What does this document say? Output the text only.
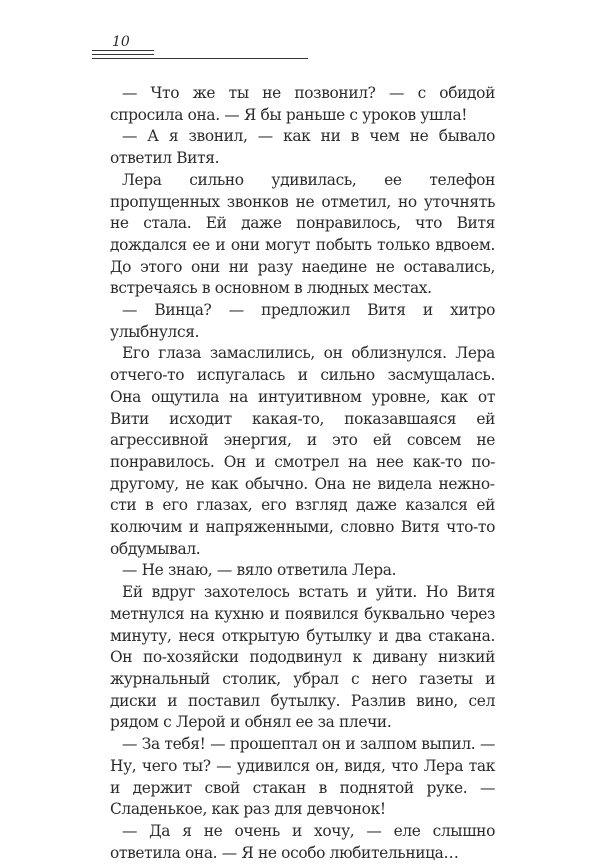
10

— Что же ты не позвонил? — с обидой спросила она. — Я бы раньше с уроков ушла!

— А я звонил, — как ни в чем не бывало ответил Витя.

Лера сильно удивилась, ее телефон пропущенных звонков не отметил, но уточнять не стала. Ей даже понравилось, что Витя дождался ее и они могут побыть только вдвоем. До этого они ни разу наедине не оставались, встречаясь в основном в людных местах.

— Винца? — предложил Витя и хитро улыбнулся.

Его глаза замаслились, он облизнулся. Лера отчего-то испугалась и сильно засмущалась. Она ощутила на интуитивном уровне, как от Вити исходит какая-то, показавшаяся ей агрессивной энергия, и это ей совсем не понравилось. Он и смотрел на нее как-то по-другому, не как обычно. Она не видела нежности в его глазах, его взгляд даже казался ей колючим и напряженными, словно Витя что-то обдумывал.

— Не знаю, — вяло ответила Лера.

Ей вдруг захотелось встать и уйти. Но Витя метнулся на кухню и появился буквально через минуту, неся открытую бутылку и два стакана. Он по-хозяйски пододвинул к дивану низкий журнальный столик, убрал с него газеты и диски и поставил бутылку. Разлив вино, сел рядом с Лерой и обнял ее за плечи.

— За тебя! — прошептал он и залпом выпил. — Ну, чего ты? — удивился он, видя, что Лера так и держит свой стакан в поднятой руке. — Сладенькое, как раз для девчонок!

— Да я не очень и хочу, — еле слышно ответила она. — Я не особо любительница…
